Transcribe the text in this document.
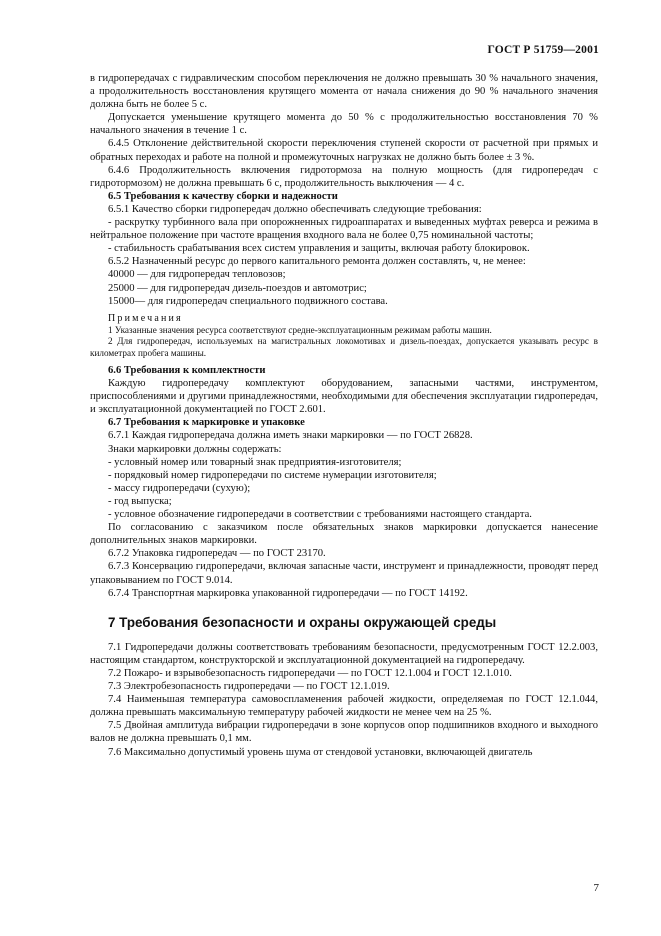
ГОСТ Р 51759—2001

в гидропередачах с гидравлическим способом переключения не должно превышать 30 % начального значения, а продолжительность восстановления крутящего момента от начала снижения до 90 % начального значения должна быть не более 5 с.

Допускается уменьшение крутящего момента до 50 % с продолжительностью восстановления 70 % начального значения в течение 1 с.

6.4.5 Отклонение действительной скорости переключения ступеней скорости от расчетной при прямых и обратных переходах и работе на полной и промежуточных нагрузках не должно быть более ± 3 %.

6.4.6 Продолжительность включения гидротормоза на полную мощность (для гидропередач с гидротормозом) не должна превышать 6 с, продолжительность выключения — 4 с.

6.5 Требования к качеству сборки и надежности

6.5.1 Качество сборки гидропередач должно обеспечивать следующие требования:

- раскрутку турбинного вала при опорожненных гидроаппаратах и выведенных муфтах реверса и режима в нейтральное положение при частоте вращения входного вала не более 0,75 номинальной частоты;

- стабильность срабатывания всех систем управления и защиты, включая работу блокировок.

6.5.2 Назначенный ресурс до первого капитального ремонта должен составлять, ч, не менее:

40000 — для гидропередач тепловозов;

25000 — для гидропередач дизель-поездов и автомотрис;

15000— для гидропередач специального подвижного состава.

Примечания

1 Указанные значения ресурса соответствуют средне-эксплуатационным режимам работы машин.

2 Для гидропередач, используемых на магистральных локомотивах и дизель-поездах, допускается указывать ресурс в километрах пробега машины.

6.6 Требования к комплектности

Каждую гидропередачу комплектуют оборудованием, запасными частями, инструментом, приспособлениями и другими принадлежностями, необходимыми для обеспечения эксплуатации гидропередач, и эксплуатационной документацией по ГОСТ 2.601.

6.7 Требования к маркировке и упаковке

6.7.1 Каждая гидропередача должна иметь знаки маркировки — по ГОСТ 26828.

Знаки маркировки должны содержать:

- условный номер или товарный знак предприятия-изготовителя;

- порядковый номер гидропередачи по системе нумерации изготовителя;

- массу гидропередачи (сухую);

- год выпуска;

- условное обозначение гидропередачи в соответствии с требованиями настоящего стандарта.

По согласованию с заказчиком после обязательных знаков маркировки допускается нанесение дополнительных знаков маркировки.

6.7.2 Упаковка гидропередач — по ГОСТ 23170.

6.7.3 Консервацию гидропередачи, включая запасные части, инструмент и принадлежности, проводят перед упаковыванием по ГОСТ 9.014.

6.7.4 Транспортная маркировка упакованной гидропередачи — по ГОСТ 14192.

7 Требования безопасности и охраны окружающей среды

7.1 Гидропередачи должны соответствовать требованиям безопасности, предусмотренным ГОСТ 12.2.003, настоящим стандартом, конструкторской и эксплуатационной документацией на гидропередачу.

7.2 Пожаро- и взрывобезопасность гидропередачи — по ГОСТ 12.1.004 и ГОСТ 12.1.010.

7.3 Электробезопасность гидропередачи — по ГОСТ 12.1.019.

7.4 Наименьшая температура самовоспламенения рабочей жидкости, определяемая по ГОСТ 12.1.044, должна превышать максимальную температуру рабочей жидкости не менее чем на 25 %.

7.5 Двойная амплитуда вибрации гидропередачи в зоне корпусов опор подшипников входного и выходного валов не должна превышать 0,1 мм.

7.6 Максимально допустимый уровень шума от стендовой установки, включающей двигатель

7
